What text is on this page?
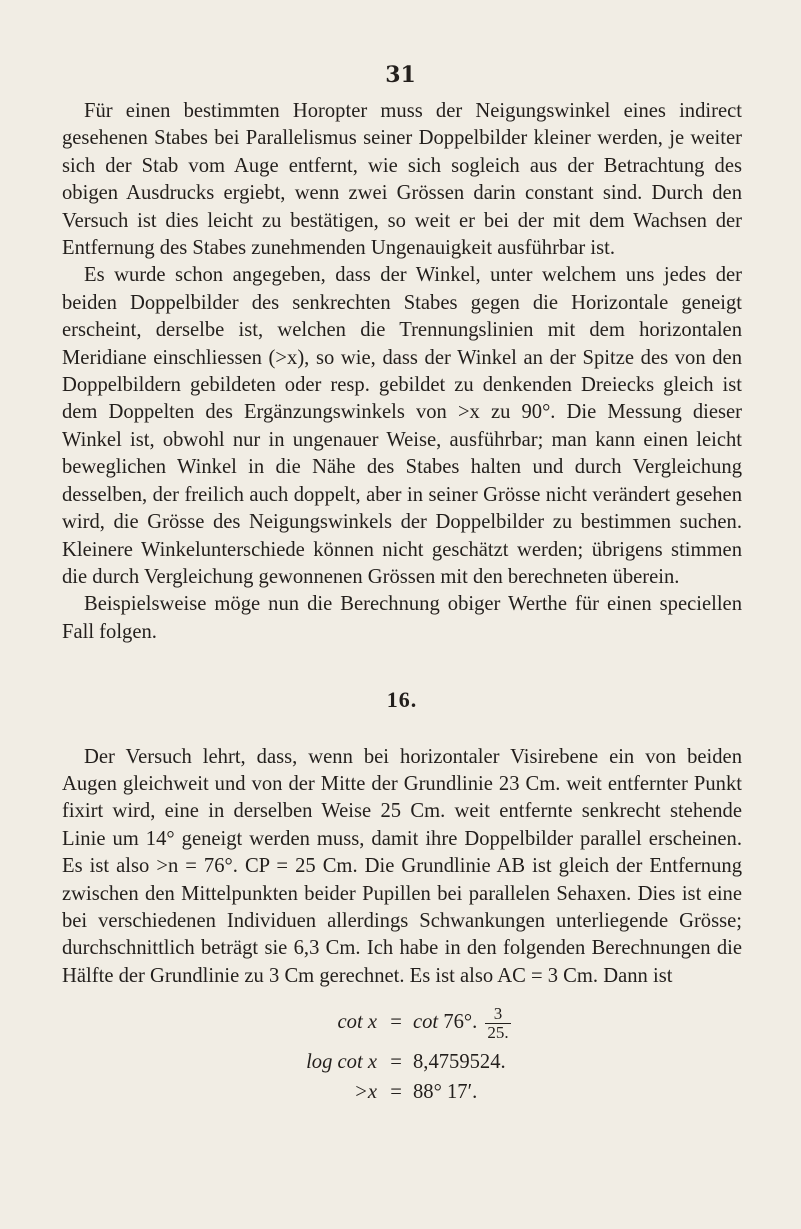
31

Für einen bestimmten Horopter muss der Neigungswinkel eines indirect gesehenen Stabes bei Parallelismus seiner Doppelbilder kleiner werden, je weiter sich der Stab vom Auge entfernt, wie sich sogleich aus der Betrachtung des obigen Ausdrucks ergiebt, wenn zwei Grössen darin constant sind. Durch den Versuch ist dies leicht zu bestätigen, so weit er bei der mit dem Wachsen der Entfernung des Stabes zunehmenden Ungenauigkeit ausführbar ist.

Es wurde schon angegeben, dass der Winkel, unter welchem uns jedes der beiden Doppelbilder des senkrechten Stabes gegen die Horizontale geneigt erscheint, derselbe ist, welchen die Trennungslinien mit dem horizontalen Meridiane einschliessen (>x), so wie, dass der Winkel an der Spitze des von den Doppelbildern gebildeten oder resp. gebildet zu denkenden Dreiecks gleich ist dem Doppelten des Ergänzungswinkels von >x zu 90°. Die Messung dieser Winkel ist, obwohl nur in ungenauer Weise, ausführbar; man kann einen leicht beweglichen Winkel in die Nähe des Stabes halten und durch Vergleichung desselben, der freilich auch doppelt, aber in seiner Grösse nicht verändert gesehen wird, die Grösse des Neigungswinkels der Doppelbilder zu bestimmen suchen. Kleinere Winkelunterschiede können nicht geschätzt werden; übrigens stimmen die durch Vergleichung gewonnenen Grössen mit den berechneten überein.

Beispielsweise möge nun die Berechnung obiger Werthe für einen speciellen Fall folgen.

16.

Der Versuch lehrt, dass, wenn bei horizontaler Visirebene ein von beiden Augen gleichweit und von der Mitte der Grundlinie 23 Cm. weit entfernter Punkt fixirt wird, eine in derselben Weise 25 Cm. weit entfernte senkrecht stehende Linie um 14° geneigt werden muss, damit ihre Doppelbilder parallel erscheinen. Es ist also >n = 76°. CP = 25 Cm. Die Grundlinie AB ist gleich der Entfernung zwischen den Mittelpunkten beider Pupillen bei parallelen Sehaxen. Dies ist eine bei verschiedenen Individuen allerdings Schwankungen unterliegende Grösse; durchschnittlich beträgt sie 6,3 Cm. Ich habe in den folgenden Berechnungen die Hälfte der Grundlinie zu 3 Cm gerechnet. Es ist also AC = 3 Cm. Dann ist

cot x = cot
76°. $\frac{3}{25.}$
log cot x = 8,4759524.
>x = 88° 17′.
